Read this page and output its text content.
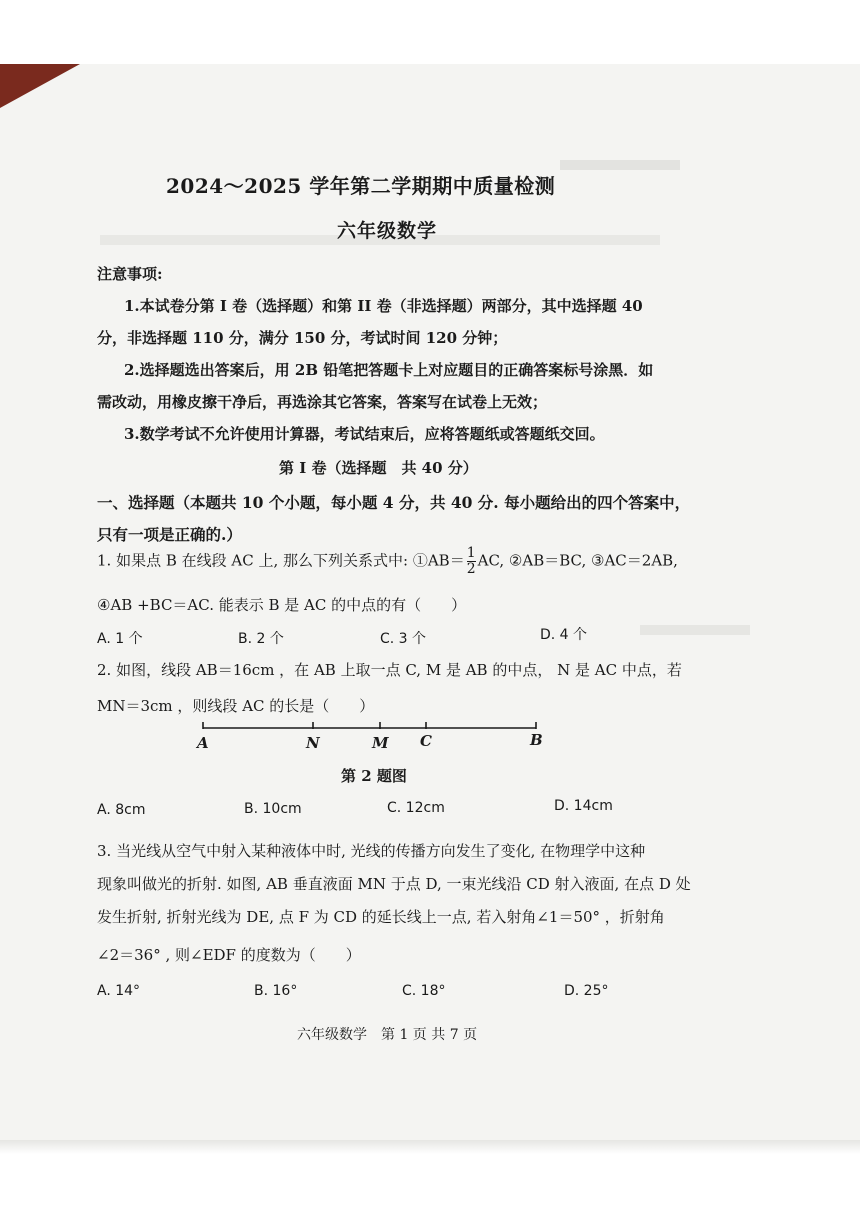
2024～2025 学年第二学期期中质量检测
六年级数学
注意事项:
1.本试卷分第 I 卷（选择题）和第 II 卷（非选择题）两部分，其中选择题 40
分，非选择题 110 分，满分 150 分，考试时间 120 分钟；
2.选择题选出答案后，用 2B 铅笔把答题卡上对应题目的正确答案标号涂黑．如
需改动，用橡皮擦干净后，再选涂其它答案，答案写在试卷上无效；
3.数学考试不允许使用计算器，考试结束后，应将答题纸或答题纸交回。
第 I 卷（选择题　共 40 分）
一、选择题（本题共 10 个小题，每小题 4 分，共 40 分. 每小题给出的四个答案中，
只有一项是正确的.）
1. 如果点 B 在线段 AC 上, 那么下列关系式中: ①AB＝ $\frac{1}{2}$ AC, ②AB＝BC, ③AC＝2AB,
④AB +BC＝AC. 能表示 B 是 AC 的中点的有（　　）
A. 1 个	B. 2 个	C. 3 个	D. 4 个
2. 如图，线段 AB＝16cm ，在 AB 上取一点 C, M 是 AB 的中点， N 是 AC 中点，若
MN＝3cm ，则线段 AC 的长是（　　）
A	N	M C	B
第 2 题图
A. 8cm	B. 10cm	C. 12cm	D. 14cm
3. 当光线从空气中射入某种液体中时, 光线的传播方向发生了变化, 在物理学中这种
现象叫做光的折射. 如图, AB 垂直液面 MN 于点 D, 一束光线沿 CD 射入液面, 在点 D 处
发生折射, 折射光线为 DE, 点 F 为 CD 的延长线上一点, 若入射角∠1＝50° ，折射角
∠2＝36° , 则∠EDF 的度数为（　　）
A. 14°	B. 16°	C. 18°	D. 25°
六年级数学　第 1 页 共 7 页
